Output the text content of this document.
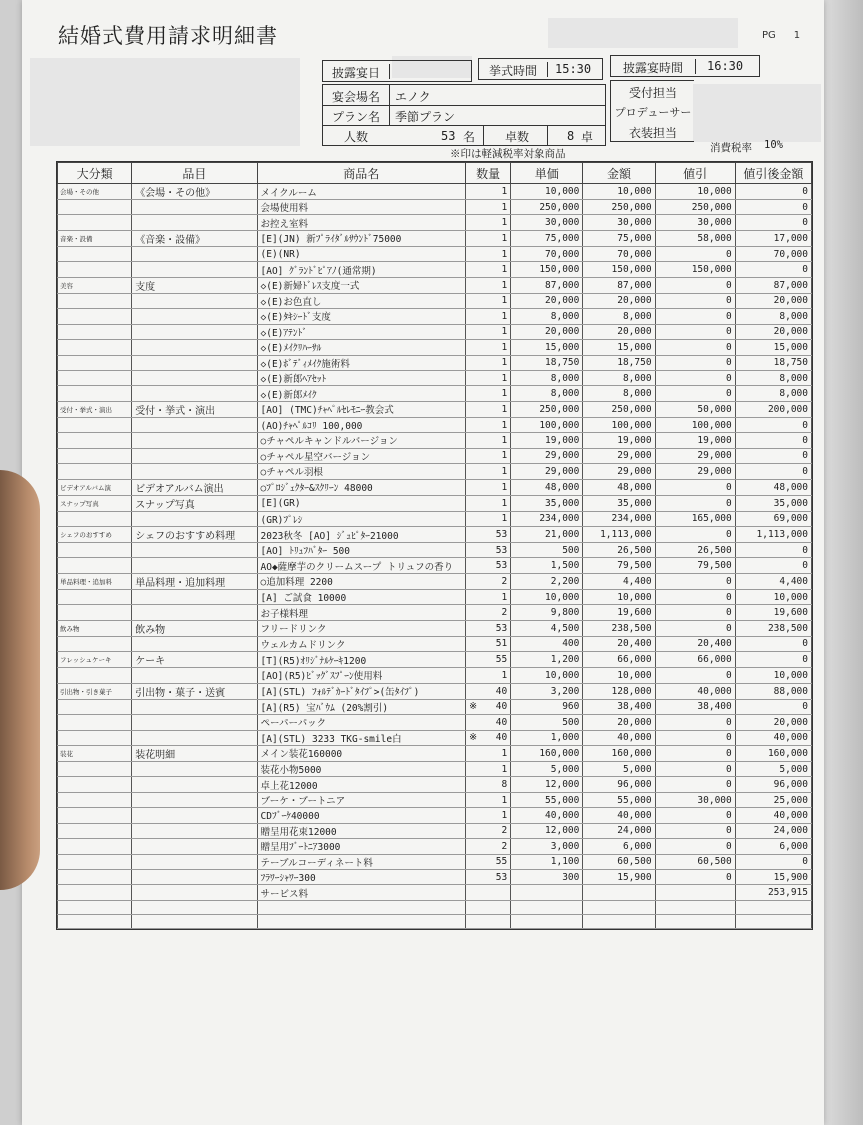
結婚式費用請求明細書	PG 1
披露宴日	挙式時間	15:30	披露宴時間	16:30
宴会場名	エノク
プラン名	季節プラン
人数	53 名	卓数	8 卓
受付担当
プロデューサー
衣装担当
※印は軽減税率対象商品	消費税率 10%
大分類	品目	商品名	数量	単価	金額	値引	値引後金額
会場・その他	《会場・その他》	メイクルーム	1	10,000	10,000	10,000	0
		会場使用料	1	250,000	250,000	250,000	0
		お控え室料	1	30,000	30,000	30,000	0
音楽・設備	《音楽・設備》	[E](JN) 新ﾌﾟﾗｲﾀﾞﾙｻｳﾝﾄﾞ75000	1	75,000	75,000	58,000	17,000
		(E)(NR)	1	70,000	70,000	0	70,000
		[AO] ｸﾞﾗﾝﾄﾞﾋﾟｱﾉ(通常期)	1	150,000	150,000	150,000	0
美容	支度	◇(E)新婦ﾄﾞﾚｽ支度一式	1	87,000	87,000	0	87,000
		◇(E)お色直し	1	20,000	20,000	0	20,000
		◇(E)ﾀｷｼｰﾄﾞ支度	1	8,000	8,000	0	8,000
		◇(E)ｱﾃﾝﾄﾞ	1	20,000	20,000	0	20,000
		◇(E)ﾒｲｸﾘﾊｰｻﾙ	1	15,000	15,000	0	15,000
		◇(E)ﾎﾞﾃﾞｨﾒｲｸ施術料	1	18,750	18,750	0	18,750
		◇(E)新郎ﾍｱｾｯﾄ	1	8,000	8,000	0	8,000
		◇(E)新郎ﾒｲｸ	1	8,000	8,000	0	8,000
受付・挙式・演出	受付・挙式・演出	[AO] (TMC)ﾁｬﾍﾟﾙｾﾚﾓﾆｰ教会式	1	250,000	250,000	50,000	200,000
		(AO)ﾁｬﾍﾟﾙｺﾘ 100,000	1	100,000	100,000	100,000	0
		○チャペルキャンドルバージョン	1	19,000	19,000	19,000	0
		○チャペル星空バージョン	1	29,000	29,000	29,000	0
		○チャペル羽根	1	29,000	29,000	29,000	0
ビデオアルバム演	ビデオアルバム演出	○ﾌﾟﾛｼﾞｪｸﾀｰ&ｽｸﾘｰﾝ 48000	1	48,000	48,000	0	48,000
スナップ写真	スナップ写真	[E](GR)	1	35,000	35,000	0	35,000
		(GR)ﾌﾟﾚｼ	1	234,000	234,000	165,000	69,000
シェフのおすすめ	シェフのおすすめ料理	2023秋冬 [AO] ｼﾞｭﾋﾟﾀｰ21000	53	21,000	1,113,000	0	1,113,000
		[AO] ﾄﾘｭﾌﾊﾞﾀｰ 500	53	500	26,500	26,500	0
		AO◆薩摩芋のクリームスープ トリュフの香り	53	1,500	79,500	79,500	0
単品料理・追加料	単品料理・追加料理	○追加料理 2200	2	2,200	4,400	0	4,400
		[A] ご試食 10000	1	10,000	10,000	0	10,000
		お子様料理	2	9,800	19,600	0	19,600
飲み物	飲み物	フリードリンク	53	4,500	238,500	0	238,500
		ウェルカムドリンク	51	400	20,400	20,400	0
フレッシュケーキ	ケーキ	[T](R5)ｵﾘｼﾞﾅﾙｹｰｷ1200	55	1,200	66,000	66,000	0
		[AO](R5)ﾋﾞｯｸﾞｽﾌﾟｰﾝ使用料	1	10,000	10,000	0	10,000
引出物・引き菓子	引出物・菓子・送賓	[A](STL) ﾌｫﾙﾃﾞｶｰﾄﾞﾀｲﾌﾟ>(缶ﾀｲﾌﾟ)	40	3,200	128,000	40,000	88,000
		[A](R5) 宝ﾊﾞｳﾑ (20%割引)	※ 40	960	38,400	38,400	0
		ペーパーパック	40	500	20,000	0	20,000
		[A](STL) 3233 TKG-smile白	※ 40	1,000	40,000	0	40,000
装花	装花明細	メイン装花160000	1	160,000	160,000	0	160,000
		装花小物5000	1	5,000	5,000	0	5,000
		卓上花12000	8	12,000	96,000	0	96,000
		ブーケ・ブートニア	1	55,000	55,000	30,000	25,000
		CDﾌﾞｰｹ40000	1	40,000	40,000	0	40,000
		贈呈用花束12000	2	12,000	24,000	0	24,000
		贈呈用ﾌﾞｰﾄﾆｱ3000	2	3,000	6,000	0	6,000
		テーブルコーディネート料	55	1,100	60,500	60,500	0
		ﾌﾗﾜｰｼｬﾜｰ300	53	300	15,900	0	15,900
		サービス料					253,915
